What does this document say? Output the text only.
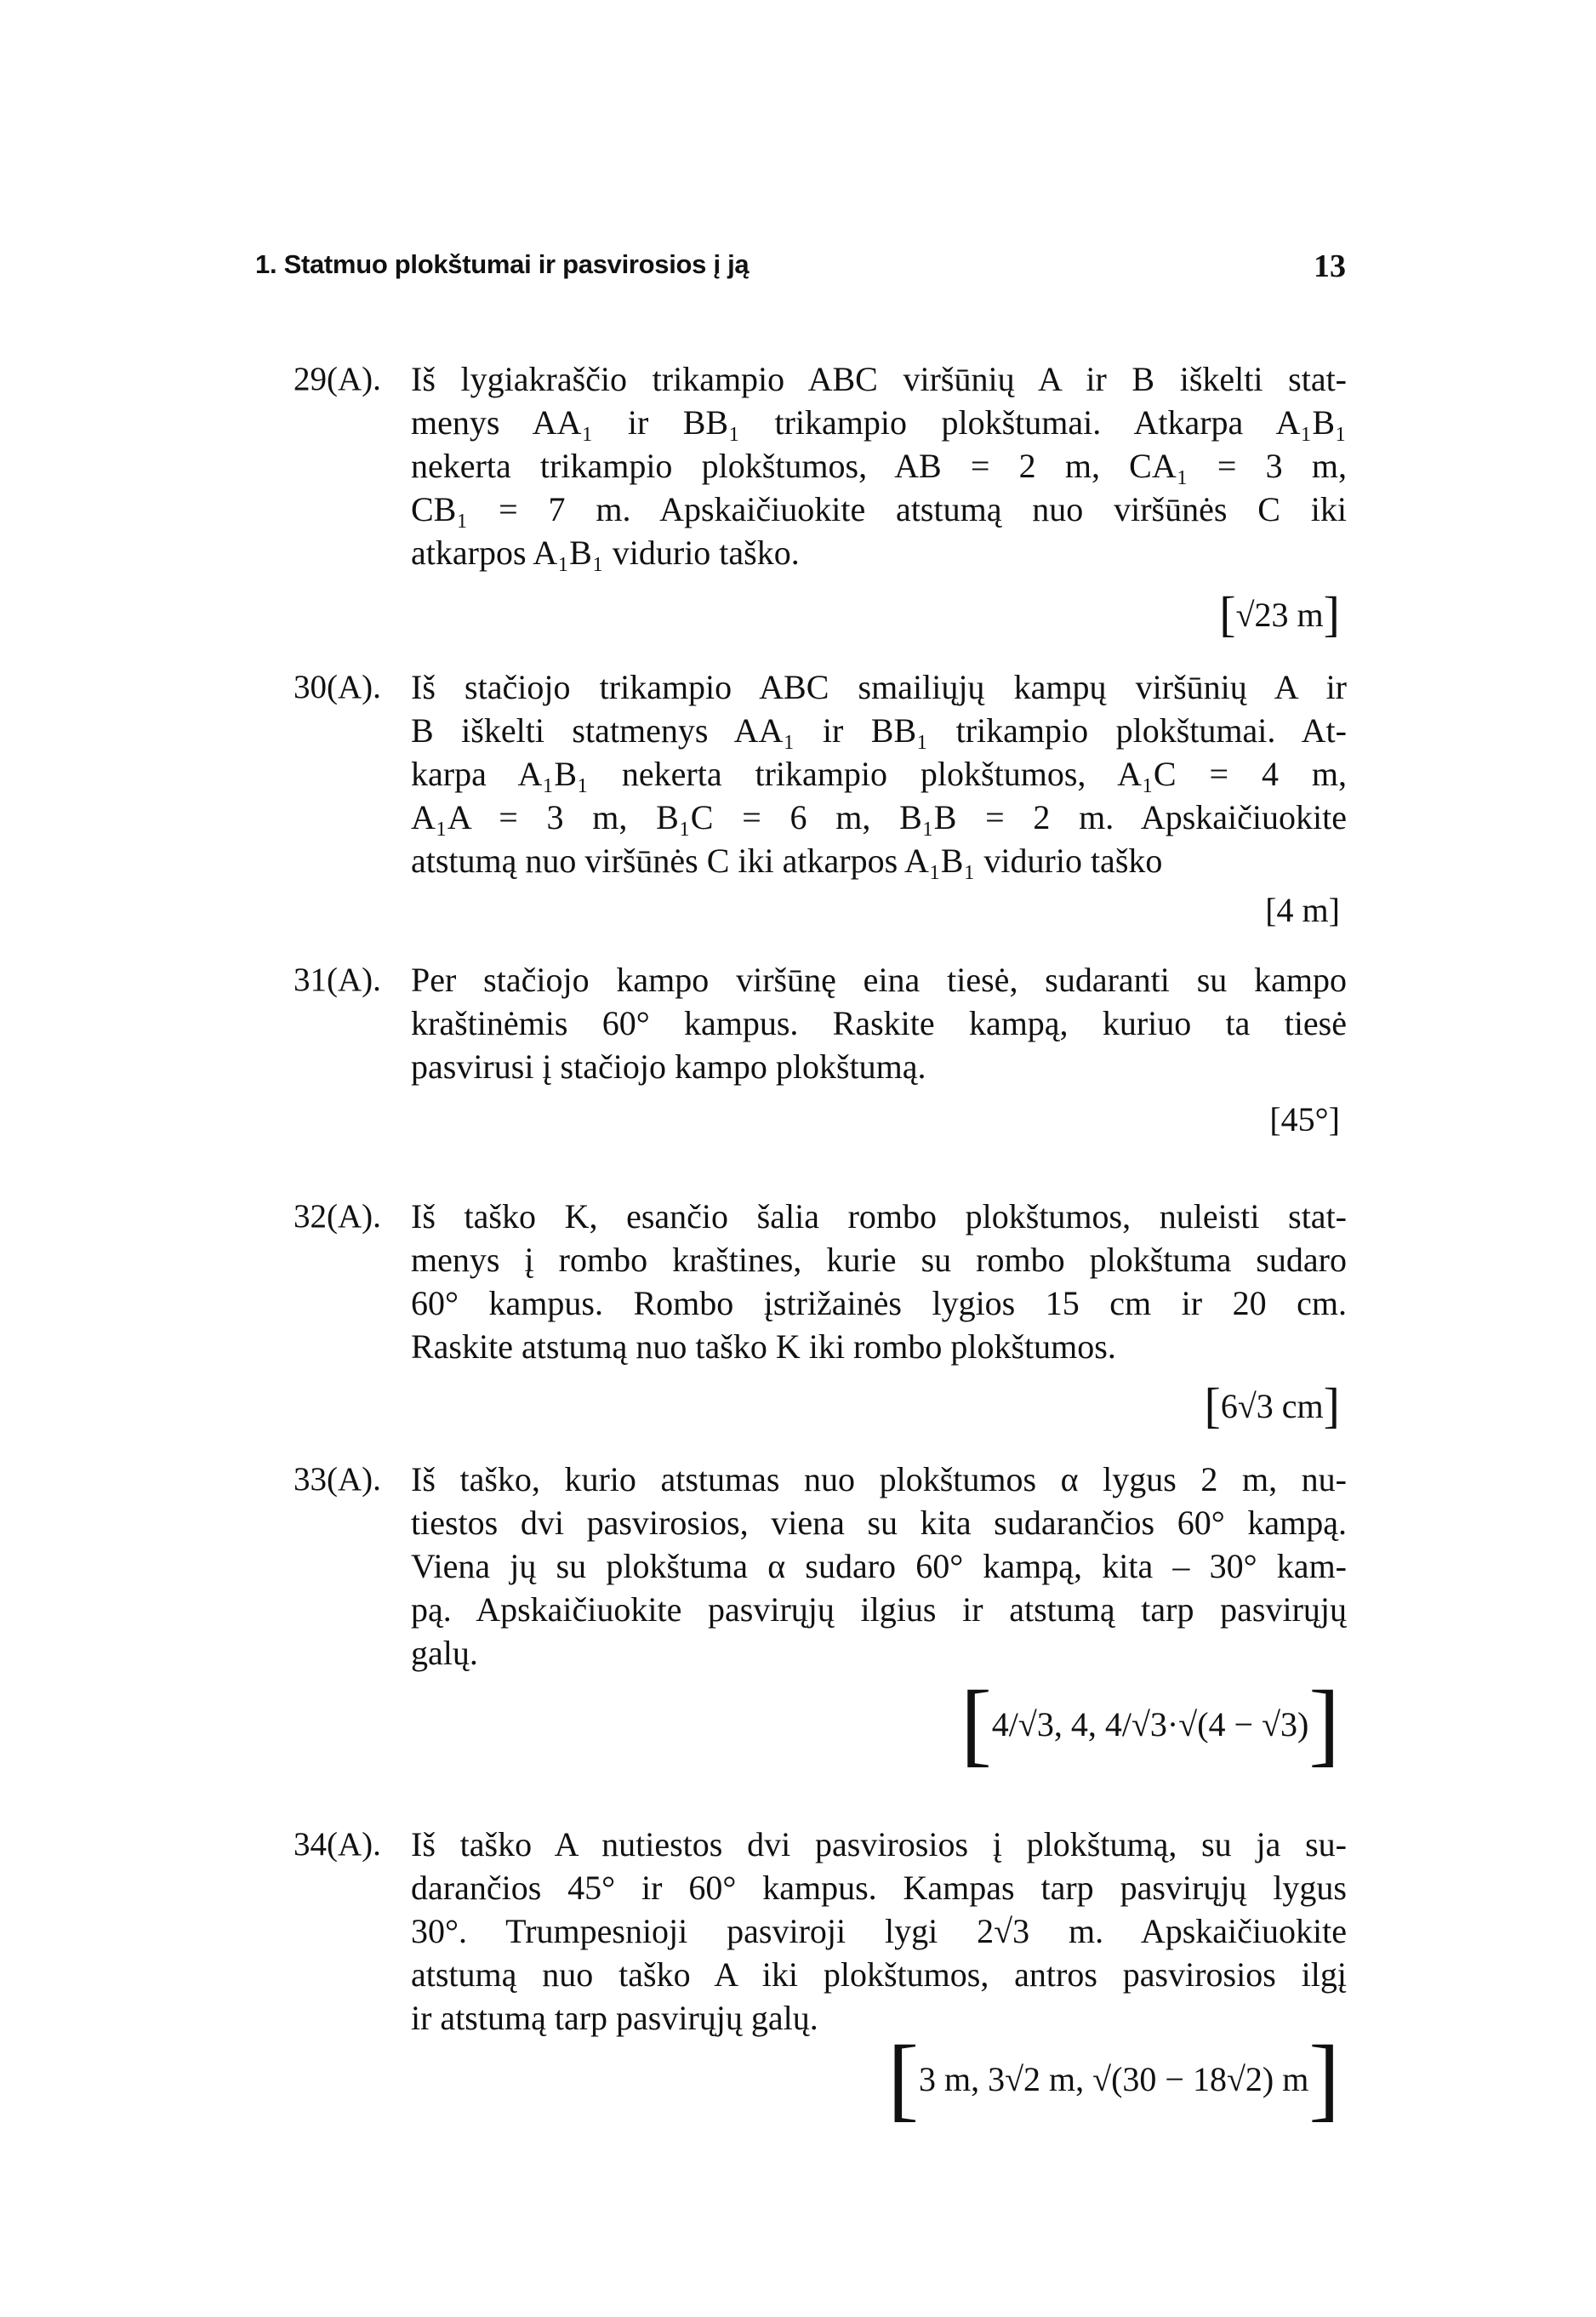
1. Statmuo plokštumai ir pasvirosios į ją	13
29(A). Iš lygiakraščio trikampio ABC viršūnių A ir B iškelti stat-
menys AA₁ ir BB₁ trikampio plokštumai. Atkarpa A₁B₁
nekerta trikampio plokštumos, AB = 2 m, CA₁ = 3 m,
CB₁ = 7 m. Apskaičiuokite atstumą nuo viršūnės C iki
atkarpos A₁B₁ vidurio taško.
[√23 m]
30(A). Iš stačiojo trikampio ABC smailiųjų kampų viršūnių A ir
B iškelti statmenys AA₁ ir BB₁ trikampio plokštumai. At-
karpa A₁B₁ nekerta trikampio plokštumos, A₁C = 4 m,
A₁A = 3 m, B₁C = 6 m, B₁B = 2 m. Apskaičiuokite
atstumą nuo viršūnės C iki atkarpos A₁B₁ vidurio taško
[4 m]
31(A). Per stačiojo kampo viršūnę eina tiesė, sudaranti su kampo
kraštinėmis 60° kampus. Raskite kampą, kuriuo ta tiesė
pasvirusi į stačiojo kampo plokštumą.
[45°]
32(A). Iš taško K, esančio šalia rombo plokštumos, nuleisti stat-
menys į rombo kraštines, kurie su rombo plokštuma sudaro
60° kampus. Rombo įstrižainės lygios 15 cm ir 20 cm.
Raskite atstumą nuo taško K iki rombo plokštumos.
[6√3 cm]
33(A). Iš taško, kurio atstumas nuo plokštumos α lygus 2 m, nu-
tiestos dvi pasvirosios, viena su kita sudarančios 60° kampą.
Viena jų su plokštuma α sudaro 60° kampą, kita – 30° kam-
pą. Apskaičiuokite pasvirųjų ilgius ir atstumą tarp pasvirųjų
galų.
[4/√3, 4, 4/√3·√(4 − √3)]
34(A). Iš taško A nutiestos dvi pasvirosios į plokštumą, su ja su-
darančios 45° ir 60° kampus. Kampas tarp pasvirųjų lygus
30°. Trumpesnioji pasviroji lygi 2√3 m. Apskaičiuokite
atstumą nuo taško A iki plokštumos, antros pasvirosios ilgį
ir atstumą tarp pasvirųjų galų.
[3 m, 3√2 m, √(30 − 18√2) m]
